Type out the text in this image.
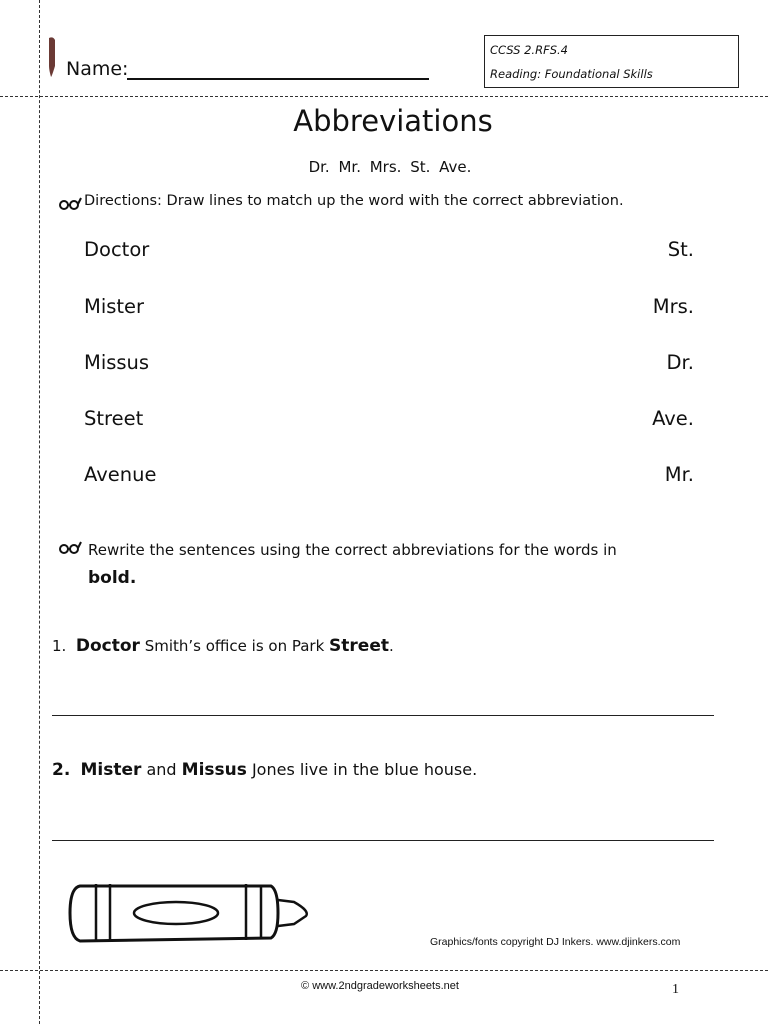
Name:
CCSS 2.RFS.4
Reading: Foundational Skills
Abbreviations
Dr. Mr. Mrs. St. Ave.
Directions: Draw lines to match up the word with the correct abbreviation.
Doctor
Mister
Missus
Street
Avenue
St.
Mrs.
Dr.
Ave.
Mr.
Rewrite the sentences using the correct abbreviations for the words in
bold.
1. Doctor Smith’s office is on Park Street.
2. Mister and Missus Jones live in the blue house.
Graphics/fonts copyright DJ Inkers. www.djinkers.com
© www.2ndgradeworksheets.net	1
